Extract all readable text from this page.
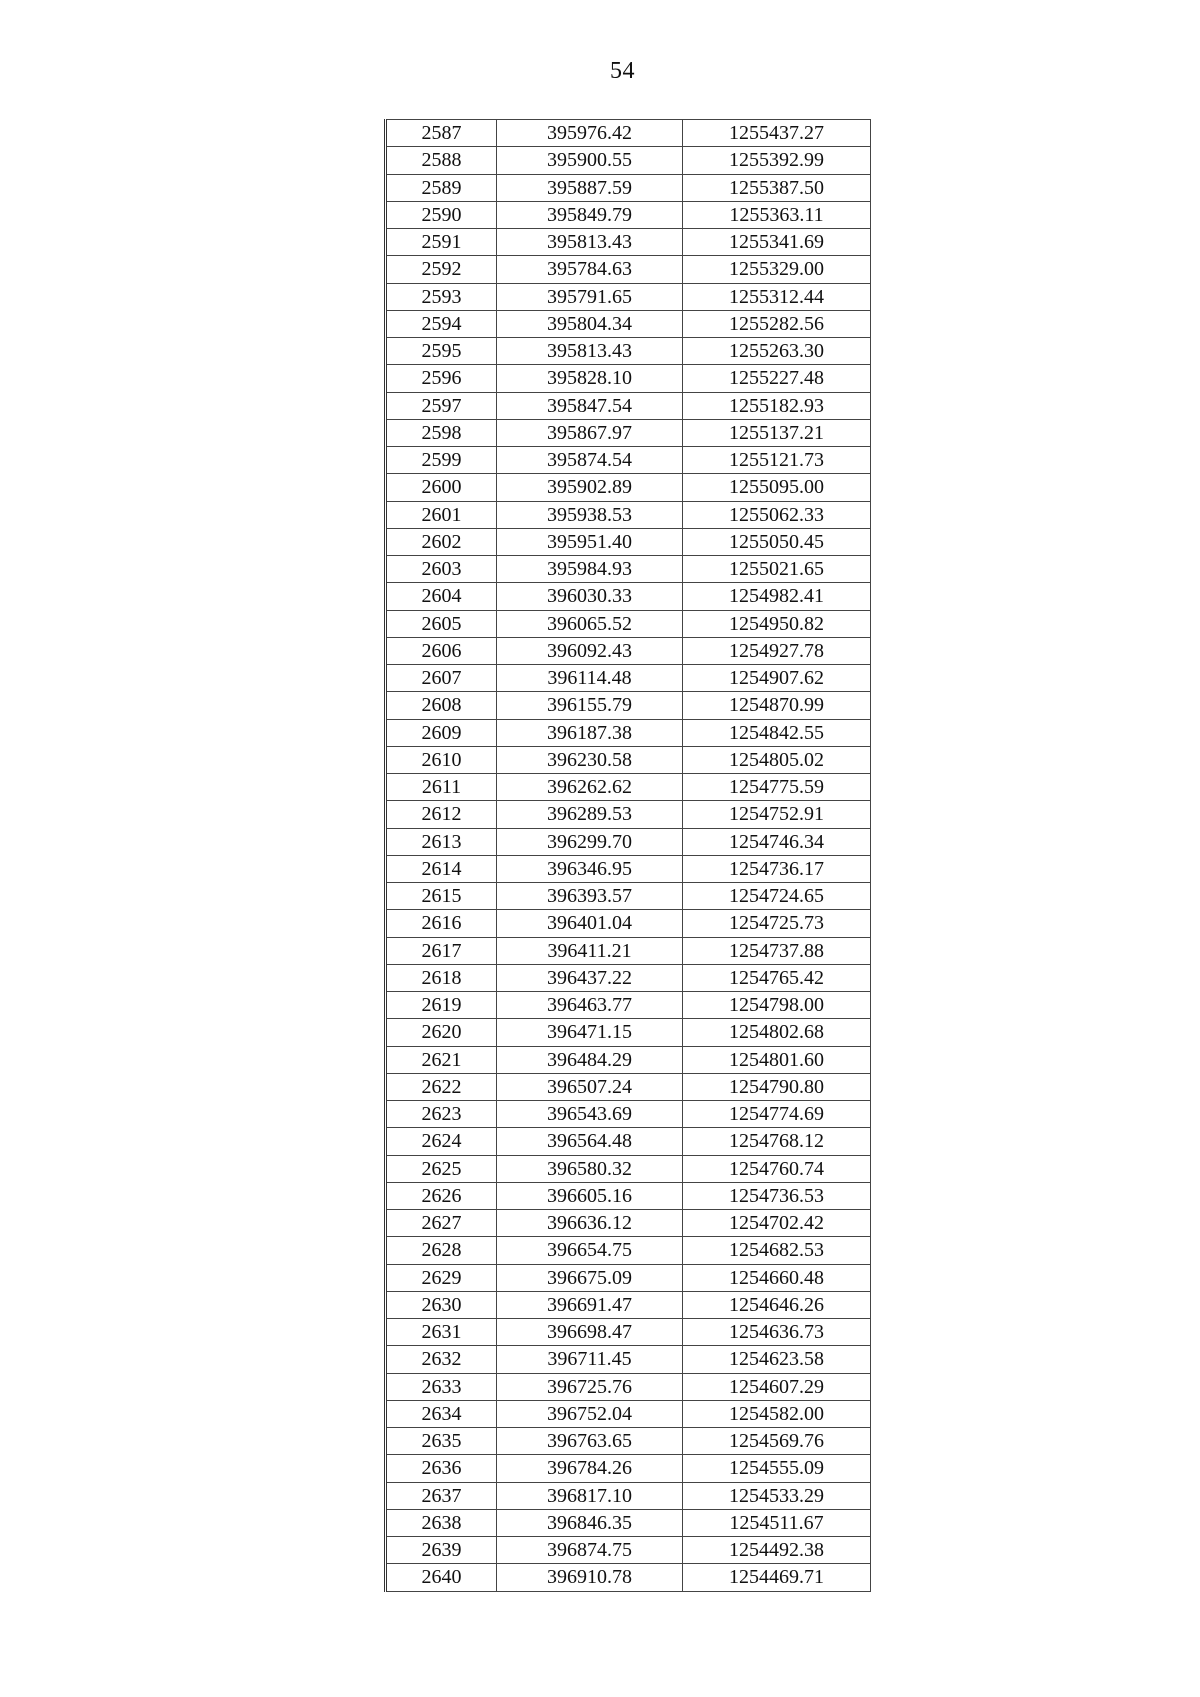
54
2587	395976.42	1255437.27
2588	395900.55	1255392.99
2589	395887.59	1255387.50
2590	395849.79	1255363.11
2591	395813.43	1255341.69
2592	395784.63	1255329.00
2593	395791.65	1255312.44
2594	395804.34	1255282.56
2595	395813.43	1255263.30
2596	395828.10	1255227.48
2597	395847.54	1255182.93
2598	395867.97	1255137.21
2599	395874.54	1255121.73
2600	395902.89	1255095.00
2601	395938.53	1255062.33
2602	395951.40	1255050.45
2603	395984.93	1255021.65
2604	396030.33	1254982.41
2605	396065.52	1254950.82
2606	396092.43	1254927.78
2607	396114.48	1254907.62
2608	396155.79	1254870.99
2609	396187.38	1254842.55
2610	396230.58	1254805.02
2611	396262.62	1254775.59
2612	396289.53	1254752.91
2613	396299.70	1254746.34
2614	396346.95	1254736.17
2615	396393.57	1254724.65
2616	396401.04	1254725.73
2617	396411.21	1254737.88
2618	396437.22	1254765.42
2619	396463.77	1254798.00
2620	396471.15	1254802.68
2621	396484.29	1254801.60
2622	396507.24	1254790.80
2623	396543.69	1254774.69
2624	396564.48	1254768.12
2625	396580.32	1254760.74
2626	396605.16	1254736.53
2627	396636.12	1254702.42
2628	396654.75	1254682.53
2629	396675.09	1254660.48
2630	396691.47	1254646.26
2631	396698.47	1254636.73
2632	396711.45	1254623.58
2633	396725.76	1254607.29
2634	396752.04	1254582.00
2635	396763.65	1254569.76
2636	396784.26	1254555.09
2637	396817.10	1254533.29
2638	396846.35	1254511.67
2639	396874.75	1254492.38
2640	396910.78	1254469.71
